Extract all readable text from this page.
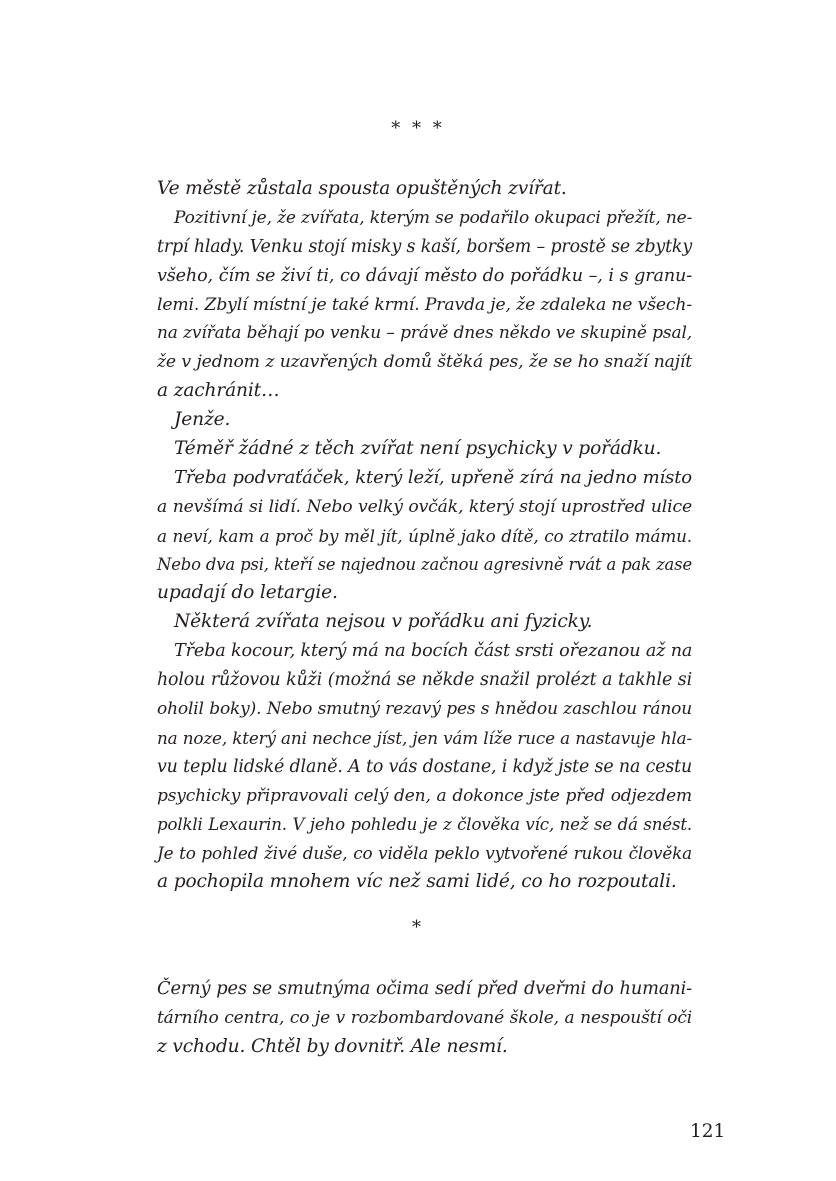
* * *
Ve městě zůstala spousta opuštěných zvířat.
Pozitivní je, že zvířata, kterým se podařilo okupaci přežít, ne-
trpí hlady. Venku stojí misky s kaší, boršem – prostě se zbytky
všeho, čím se živí ti, co dávají město do pořádku –, i s granu-
lemi. Zbylí místní je také krmí. Pravda je, že zdaleka ne všech-
na zvířata běhají po venku – právě dnes někdo ve skupině psal,
že v jednom z uzavřených domů štěká pes, že se ho snaží najít
a zachránit…
Jenže.
Téměř žádné z těch zvířat není psychicky v pořádku.
Třeba podvraťáček, který leží, upřeně zírá na jedno místo
a nevšímá si lidí. Nebo velký ovčák, který stojí uprostřed ulice
a neví, kam a proč by měl jít, úplně jako dítě, co ztratilo mámu.
Nebo dva psi, kteří se najednou začnou agresivně rvát a pak zase
upadají do letargie.
Některá zvířata nejsou v pořádku ani fyzicky.
Třeba kocour, který má na bocích část srsti ořezanou až na
holou růžovou kůži (možná se někde snažil prolézt a takhle si
oholil boky). Nebo smutný rezavý pes s hnědou zaschlou ránou
na noze, který ani nechce jíst, jen vám líže ruce a nastavuje hla-
vu teplu lidské dlaně. A to vás dostane, i když jste se na cestu
psychicky připravovali celý den, a dokonce jste před odjezdem
polkli Lexaurin. V jeho pohledu je z člověka víc, než se dá snést.
Je to pohled živé duše, co viděla peklo vytvořené rukou člověka
a pochopila mnohem víc než sami lidé, co ho rozpoutali.
*
Černý pes se smutnýma očima sedí před dveřmi do humani-
tárního centra, co je v rozbombardované škole, a nespouští oči
z vchodu. Chtěl by dovnitř. Ale nesmí.
121
